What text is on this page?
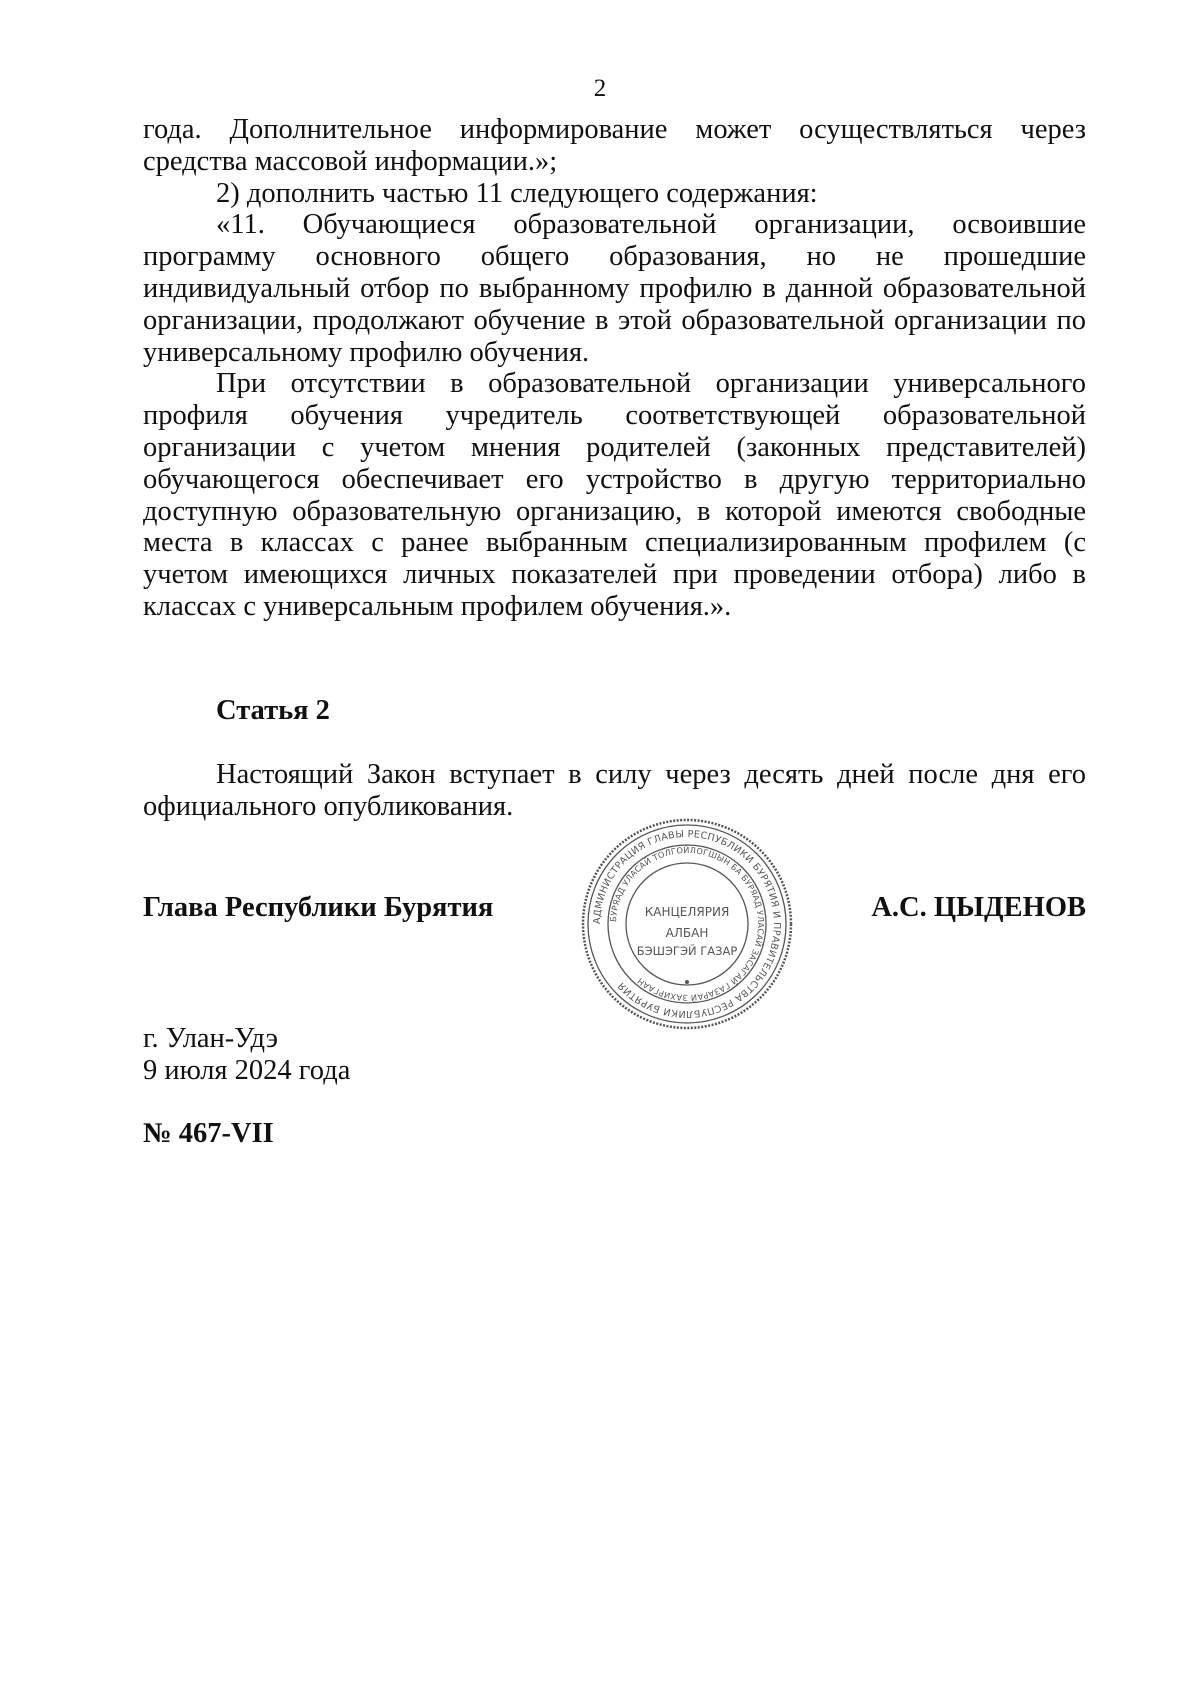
2

года. Дополнительное информирование может осуществляться через средства массовой информации.»;

2) дополнить частью 11 следующего содержания:

«11. Обучающиеся образовательной организации, освоившие программу основного общего образования, но не прошедшие индивидуальный отбор по выбранному профилю в данной образовательной организации, продолжают обучение в этой образовательной организации по универсальному профилю обучения.

При отсутствии в образовательной организации универсального профиля обучения учредитель соответствующей образовательной организации с учетом мнения родителей (законных представителей) обучающегося обеспечивает его устройство в другую территориально доступную образовательную организацию, в которой имеются свободные места в классах с ранее выбранным специализированным профилем (с учетом имеющихся личных показателей при проведении отбора) либо в классах с универсальным профилем обучения.».

Статья 2

Настоящий Закон вступает в силу через десять дней после дня его официального опубликования.

Глава Республики Бурятия	АДМИНИСТРАЦИЯ ГЛАВЫ РЕСПУБЛИКИ БУРЯТИЯ И ПРАВИТЕЛЬСТВА РЕСПУБЛИКИ БУРЯТИЯ
БУРЯАД УЛАСАЙ ТОЛГОЙЛОГШЫН БА БУРЯАД УЛАСАЙ ЗАСАГАЙ ГАЗАРАЙ ЗАХИРГААН
КАНЦЕЛЯРИЯ
АЛБАН
БЭШЭГЭЙ ГАЗАР
А.С. ЦЫДЕНОВ
г. Улан-Удэ
9 июля 2024 года
№ 467-VII
